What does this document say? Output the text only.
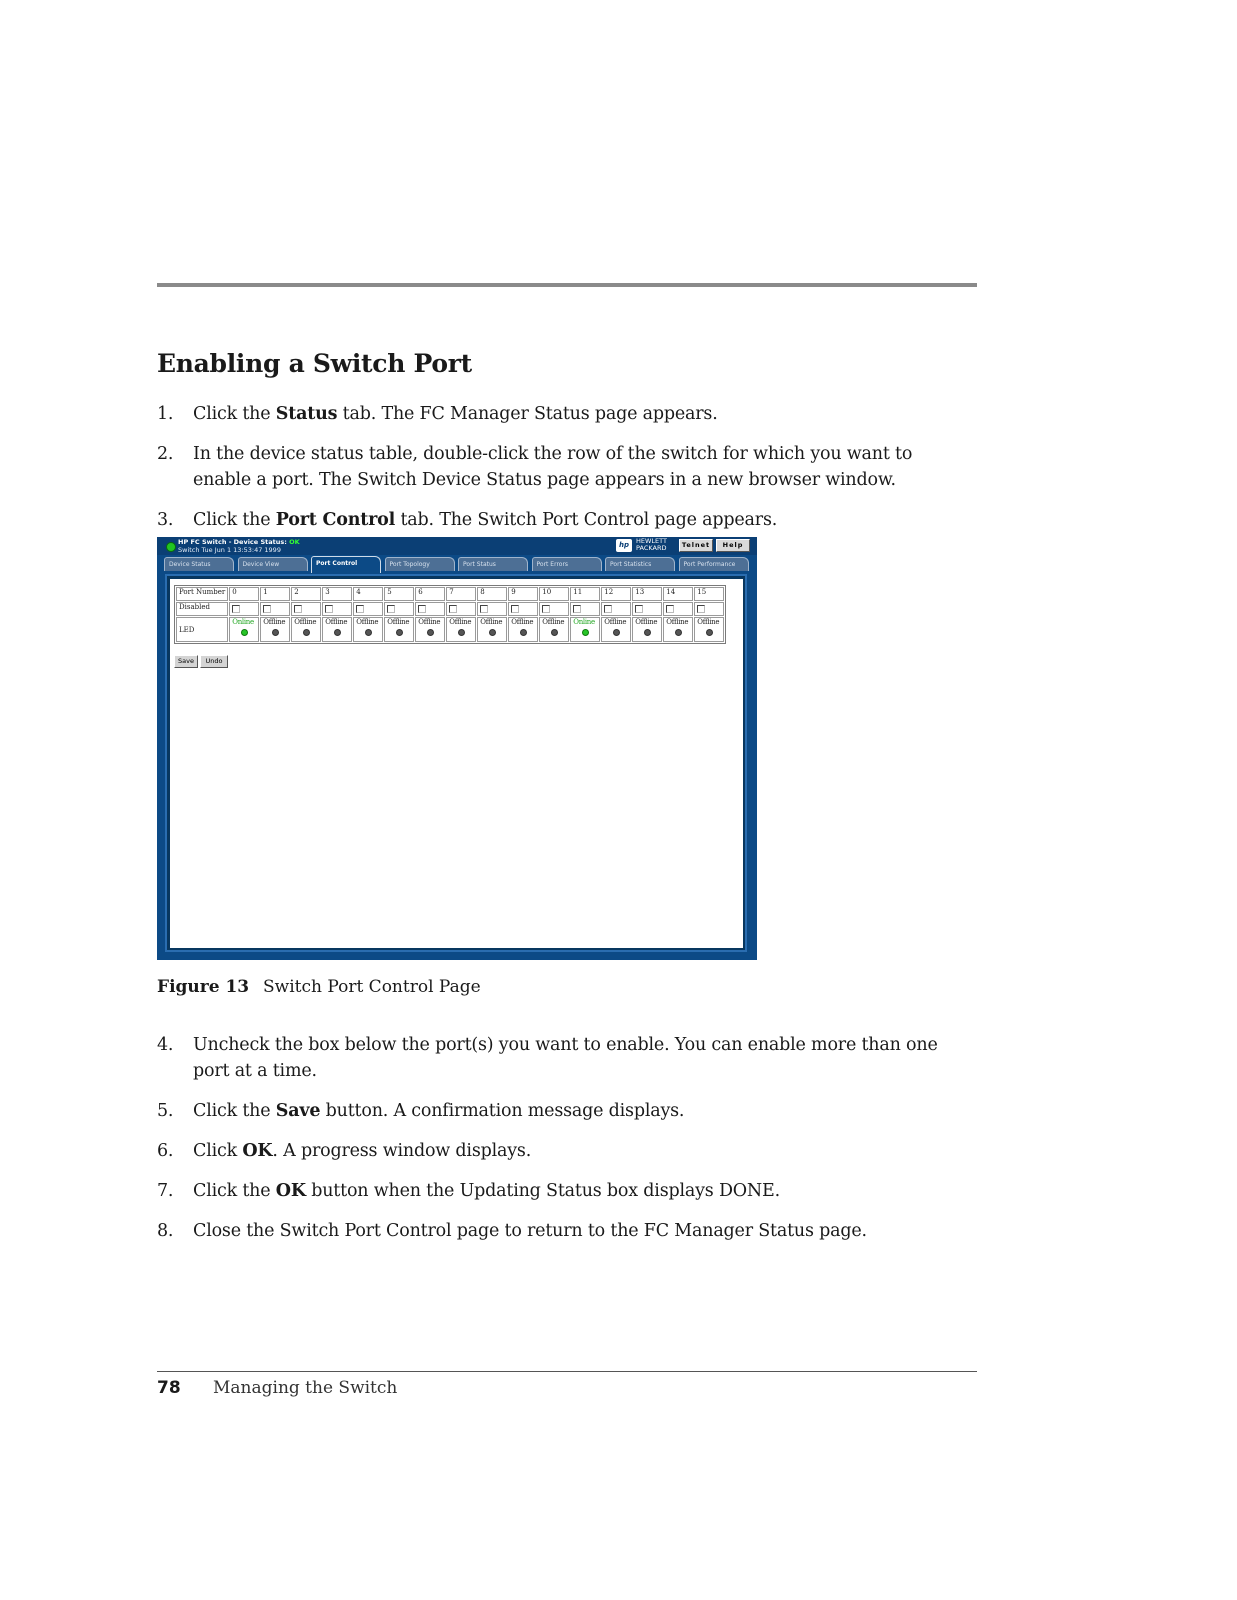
Enabling a Switch Port
1. Click the Status tab. The FC Manager Status page appears.
2. In the device status table, double-click the row of the switch for which you want to enable a port. The Switch Device Status page appears in a new browser window.
3. Click the Port Control tab. The Switch Port Control page appears.
HP FC Switch - Device Status: OK
Switch Tue Jun 1 13:53:47 1999
hp	HEWLETT PACKARD	Telnet	Help
Device Status	Device View	Port Control	Port Topology	Port Status	Port Errors	Port Statistics	Port Performance
Port Number	0	1	2	3	4	5	6	7	8	9	10	11	12	13	14	15
Disabled																
LED	Online	Offline	Offline	Offline	Offline	Offline	Offline	Offline	Offline	Offline	Offline	Online	Offline	Offline	Offline	Offline
Save	Undo
Figure 13 Switch Port Control Page
4. Uncheck the box below the port(s) you want to enable. You can enable more than one port at a time.
5. Click the Save button. A confirmation message displays.
6. Click OK. A progress window displays.
7. Click the OK button when the Updating Status box displays DONE.
8. Close the Switch Port Control page to return to the FC Manager Status page.
78 Managing the Switch
